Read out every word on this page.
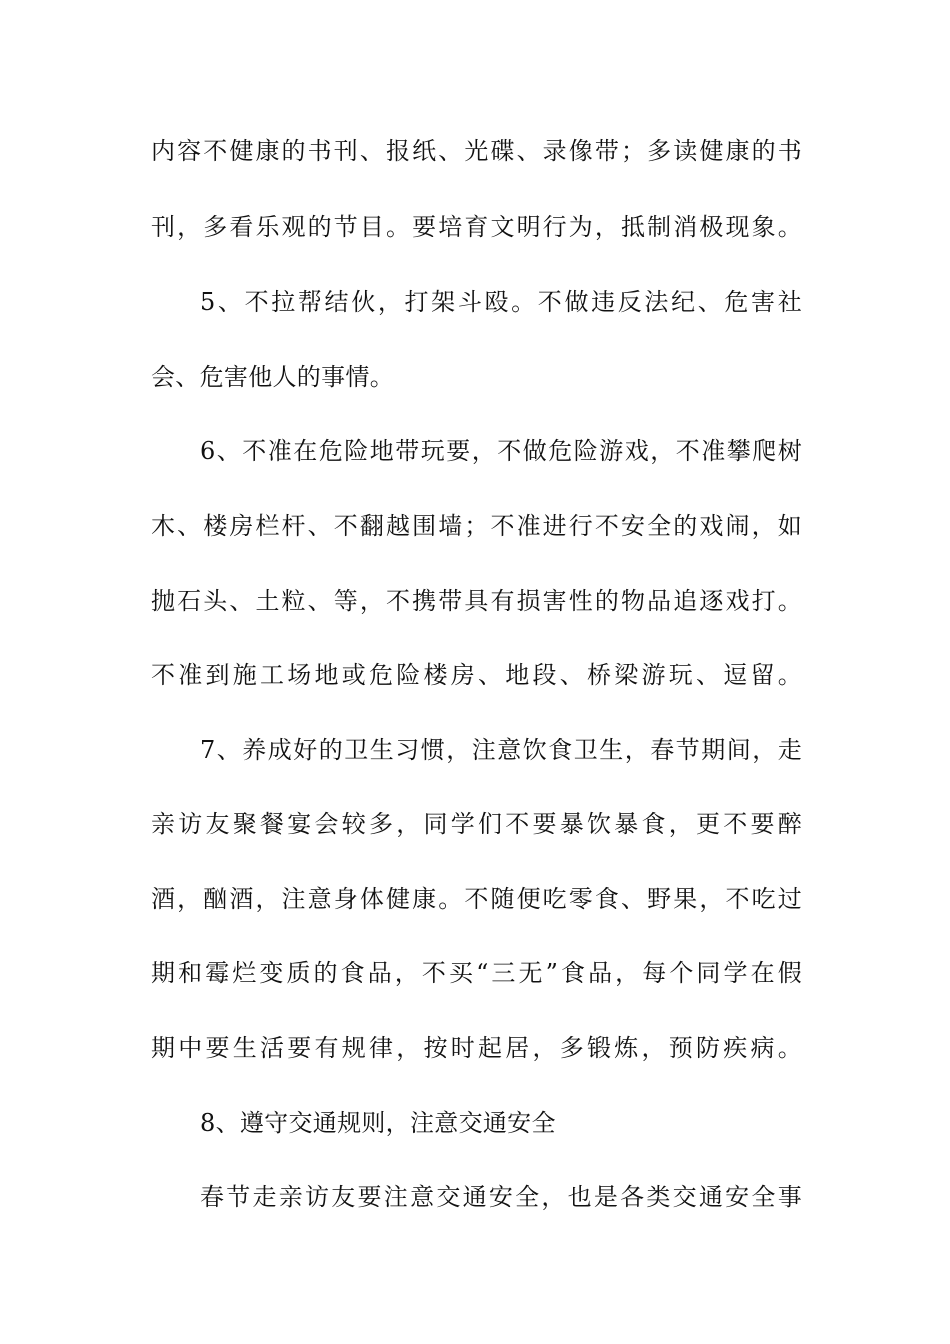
内容不健康的书刊、报纸、光碟、录像带；多读健康的书
刊，多看乐观的节目。要培育文明行为，抵制消极现象。
5、不拉帮结伙，打架斗殴。不做违反法纪、危害社
会、危害他人的事情。
6、不准在危险地带玩要，不做危险游戏，不准攀爬树
木、楼房栏杆、不翻越围墙；不准进行不安全的戏闹，如
抛石头、土粒、等，不携带具有损害性的物品追逐戏打。
不准到施工场地或危险楼房、地段、桥梁游玩、逗留。
7、养成好的卫生习惯，注意饮食卫生，春节期间，走
亲访友聚餐宴会较多，同学们不要暴饮暴食，更不要醉
酒，酗酒，注意身体健康。不随便吃零食、野果，不吃过
期和霉烂变质的食品，不买“三无”食品，每个同学在假
期中要生活要有规律，按时起居，多锻炼，预防疾病。
8、遵守交通规则，注意交通安全
春节走亲访友要注意交通安全，也是各类交通安全事
